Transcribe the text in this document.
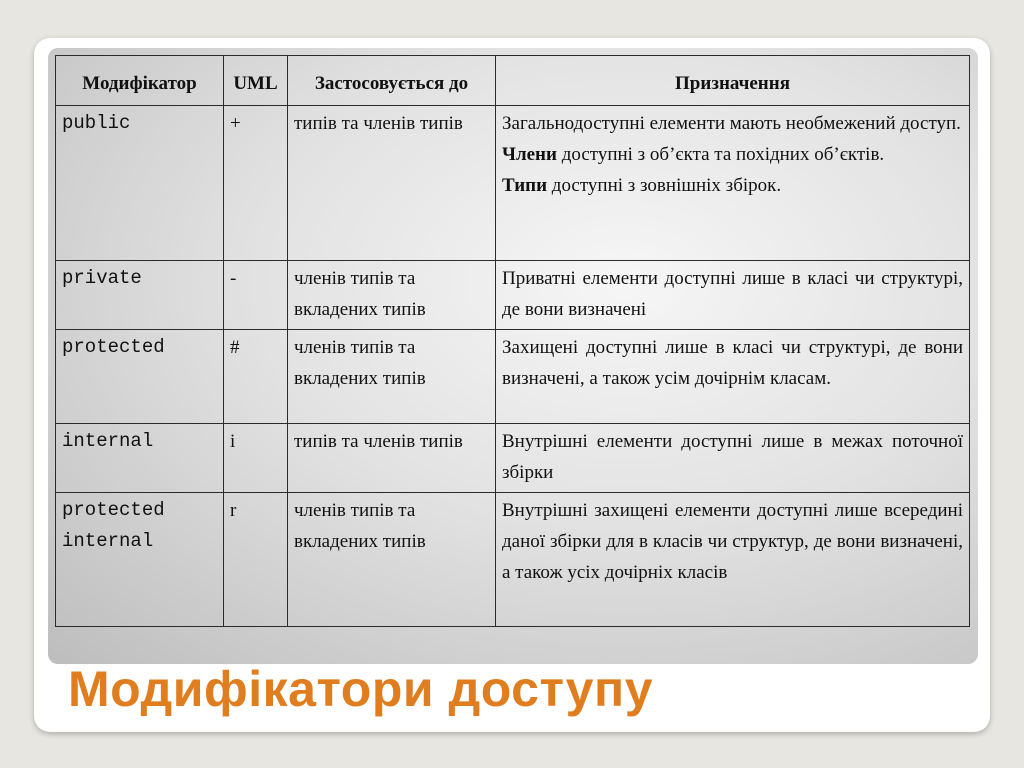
Модифікатор	UML	Застосовується до	Призначення
public	+	типів та членів типів	Загальнодоступні елементи мають необмежений доступ.

Члени доступні з об’єкта та похідних об’єктів.

Типи доступні з зовнішніх збірок.

private	-	членів типів та вкладених типів	Приватні елементи доступні лише в класі чи структурі, де вони визначені
protected	#	членів типів та вкладених типів	Захищені доступні лише в класі чи структурі, де вони визначені, а також усім дочірнім класам.
internal	i	типів та членів типів	Внутрішні елементи доступні лише в межах поточної збірки
protected internal	r	членів типів та вкладених типів	Внутрішні захищені елементи доступні лише всередині даної збірки для в класів чи структур, де вони визначені, а також усіх дочірніх класів
Модифікатори доступу
